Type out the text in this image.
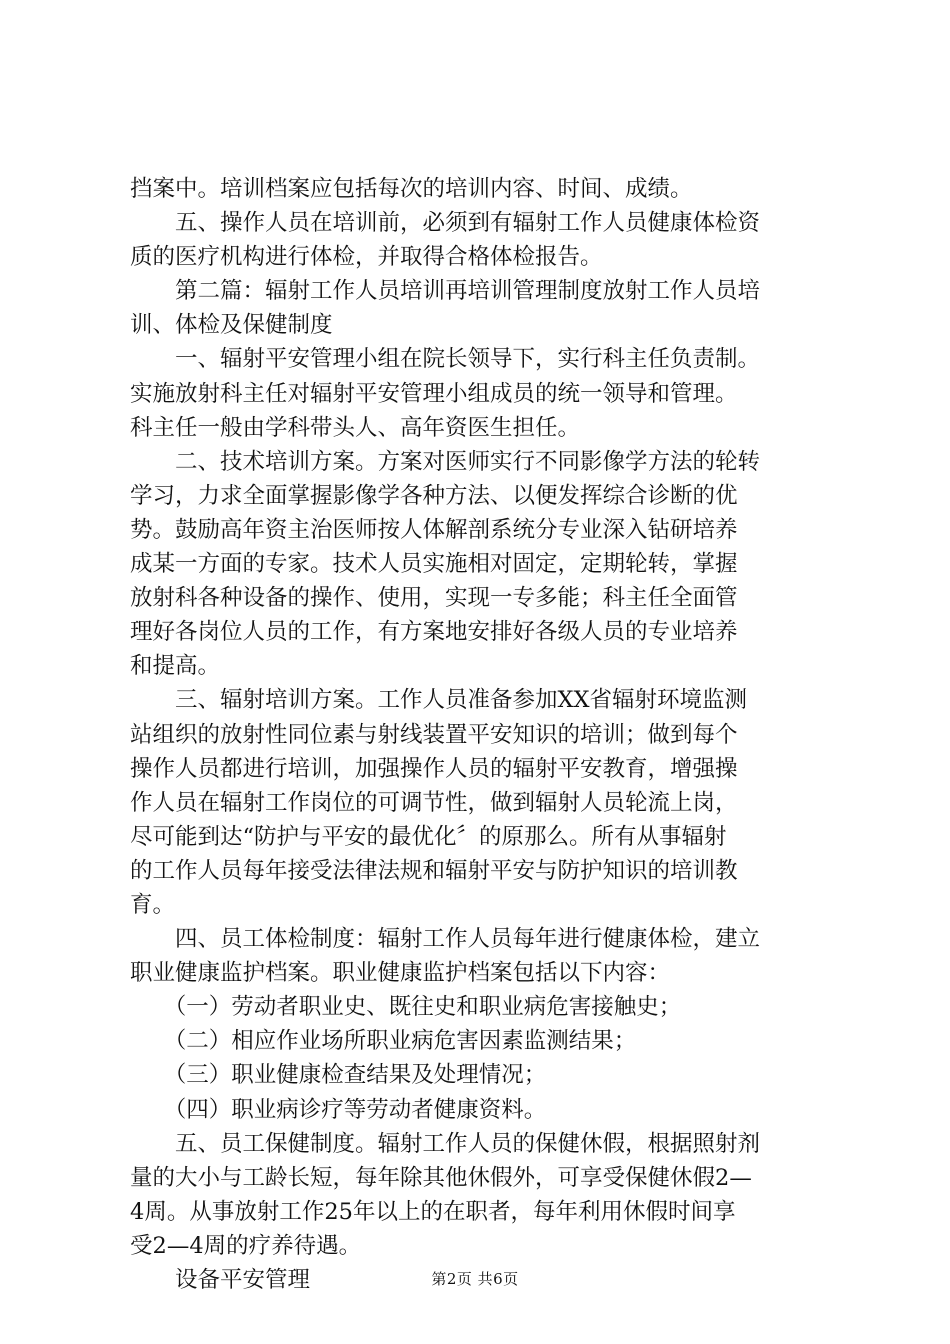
挡案中。培训档案应包括每次的培训内容、时间、成绩。
五、操作人员在培训前，必须到有辐射工作人员健康体检资
质的医疗机构进行体检，并取得合格体检报告。
第二篇：辐射工作人员培训再培训管理制度放射工作人员培
训、体检及保健制度
一、辐射平安管理小组在院长领导下，实行科主任负责制。
实施放射科主任对辐射平安管理小组成员的统一领导和管理。
科主任一般由学科带头人、高年资医生担任。
二、技术培训方案。方案对医师实行不同影像学方法的轮转
学习，力求全面掌握影像学各种方法、以便发挥综合诊断的优
势。鼓励高年资主治医师按人体解剖系统分专业深入钻研培养
成某一方面的专家。技术人员实施相对固定，定期轮转，掌握
放射科各种设备的操作、使用，实现一专多能；科主任全面管
理好各岗位人员的工作，有方案地安排好各级人员的专业培养
和提高。
三、辐射培训方案。工作人员准备参加XX省辐射环境监测
站组织的放射性同位素与射线装置平安知识的培训；做到每个
操作人员都进行培训，加强操作人员的辐射平安教育，增强操
作人员在辐射工作岗位的可调节性，做到辐射人员轮流上岗，
尽可能到达“防护与平安的最优化〞的原那么。所有从事辐射
的工作人员每年接受法律法规和辐射平安与防护知识的培训教
育。
四、员工体检制度：辐射工作人员每年进行健康体检，建立
职业健康监护档案。职业健康监护档案包括以下内容：
（一）劳动者职业史、既往史和职业病危害接触史；
（二）相应作业场所职业病危害因素监测结果；
（三）职业健康检查结果及处理情况；
（四）职业病诊疗等劳动者健康资料。
五、员工保健制度。辐射工作人员的保健休假，根据照射剂
量的大小与工龄长短，每年除其他休假外，可享受保健休假2—
4周。从事放射工作25年以上的在职者，每年利用休假时间享
受2—4周的疗养待遇。
设备平安管理	第2页 共6页
